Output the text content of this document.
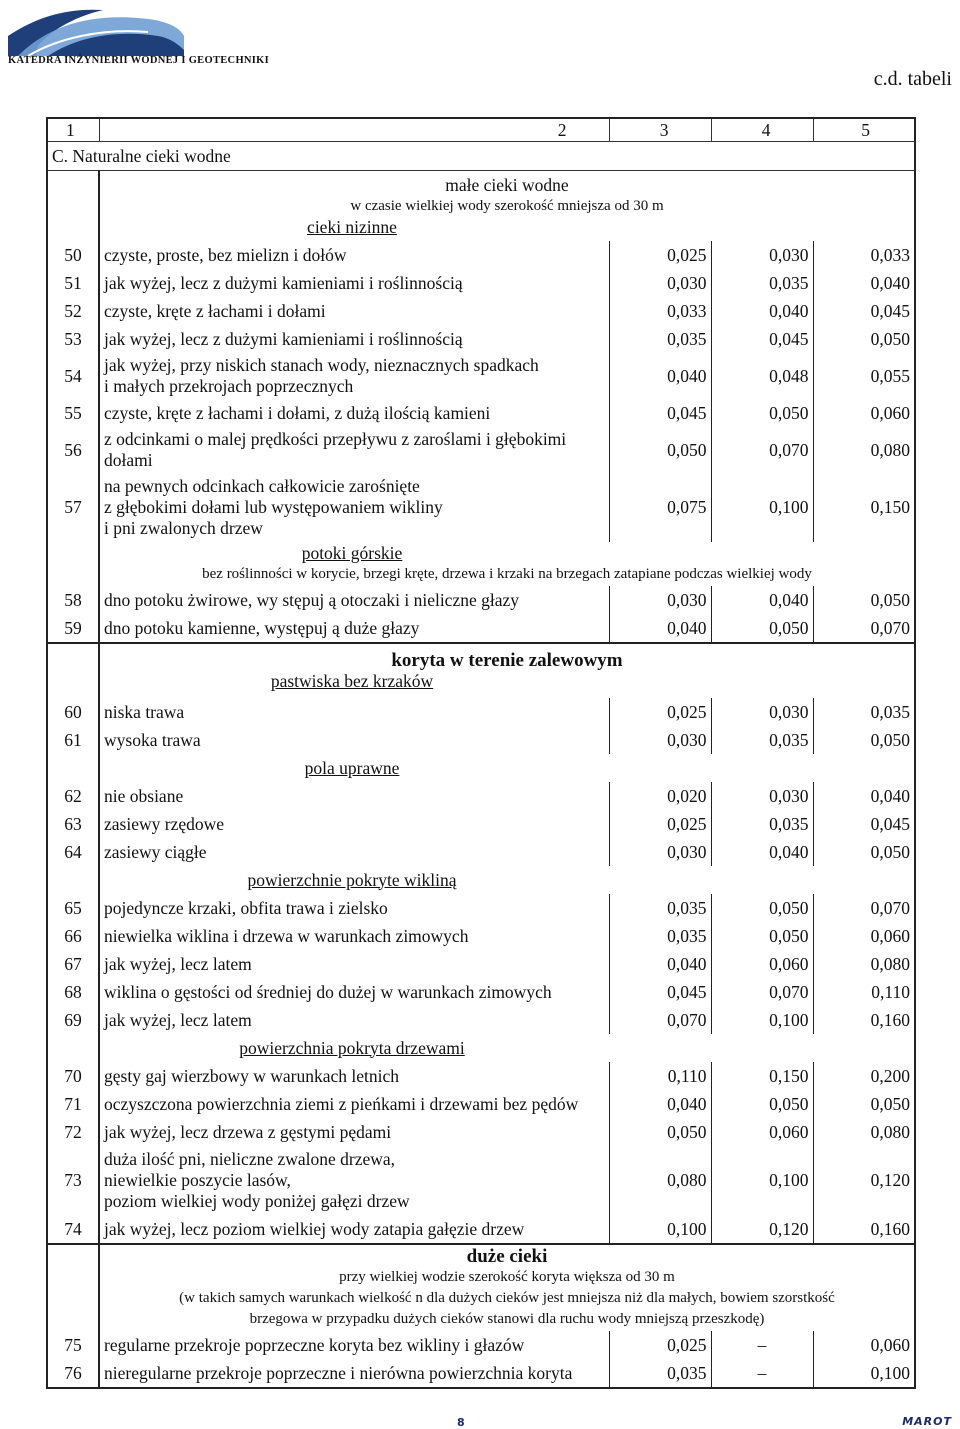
KATEDRA INŻYNIERII WODNEJ I GEOTECHNIKI
c.d. tabeli
1	2	3	4	5
C. Naturalne cieki wodne				

	małe cieki wodne
w czasie wielkiej wody szerokość mniejsza od 30 m
cieki nizinne			

50	czyste, proste, bez mielizn i dołów	0,025	0,030	0,033
51	jak wyżej, lecz z dużymi kamieniami i roślinnością	0,030	0,035	0,040
52	czyste, kręte z łachami i dołami	0,033	0,040	0,045
53	jak wyżej, lecz z dużymi kamieniami i roślinnością	0,035	0,045	0,050
54	jak wyżej, przy niskich stanach wody, nieznacznych spadkach
i małych przekrojach poprzecznych	0,040	0,048	0,055
55	czyste, kręte z łachami i dołami, z dużą ilością kamieni	0,045	0,050	0,060
56	z odcinkami o malej prędkości przepływu z zaroślami i głębokimi
dołami	0,050	0,070	0,080
57	na pewnych odcinkach całkowicie zarośnięte
z głębokimi dołami lub występowaniem wikliny
i pni zwalonych drzew	0,075	0,100	0,150

	potoki górskie
bez roślinności w korycie, brzegi kręte, drzewa i krzaki na brzegach zatapiane podczas wielkiej wody			

58	dno potoku żwirowe, wy stępuj ą otoczaki i nieliczne głazy	0,030	0,040	0,050
59	dno potoku kamienne, występuj ą duże głazy	0,040	0,050	0,070

	koryta w terenie zalewowym
pastwiska bez krzaków			

60	niska trawa	0,025	0,030	0,035
61	wysoka trawa	0,030	0,035	0,050

	pola uprawne			

62	nie obsiane	0,020	0,030	0,040
63	zasiewy rzędowe	0,025	0,035	0,045
64	zasiewy ciągłe	0,030	0,040	0,050

	powierzchnie pokryte wikliną			

65	pojedyncze krzaki, obfita trawa i zielsko	0,035	0,050	0,070
66	niewielka wiklina i drzewa w warunkach zimowych	0,035	0,050	0,060
67	jak wyżej, lecz latem	0,040	0,060	0,080
68	wiklina o gęstości od średniej do dużej w warunkach zimowych	0,045	0,070	0,110
69	jak wyżej, lecz latem	0,070	0,100	0,160

	powierzchnia pokryta drzewami			

70	gęsty gaj wierzbowy w warunkach letnich	0,110	0,150	0,200
71	oczyszczona powierzchnia ziemi z pieńkami i drzewami bez pędów	0,040	0,050	0,050
72	jak wyżej, lecz drzewa z gęstymi pędami	0,050	0,060	0,080
73	duża ilość pni, nieliczne zwalone drzewa,
niewielkie poszycie lasów,
poziom wielkiej wody poniżej gałęzi drzew	0,080	0,100	0,120
74	jak wyżej, lecz poziom wielkiej wody zatapia gałęzie drzew	0,100	0,120	0,160

	duże cieki
przy wielkiej wodzie szerokość koryta większa od 30 m
(w takich samych warunkach wielkość n dla dużych cieków jest mniejsza niż dla małych, bowiem szorstkość
brzegowa w przypadku dużych cieków stanowi dla ruchu wody mniejszą przeszkodę)			

75	regularne przekroje poprzeczne koryta bez wikliny i głazów	0,025	–	0,060
76	nieregularne przekroje poprzeczne i nierówna powierzchnia koryta	0,035	–	0,100
8	MAROT
